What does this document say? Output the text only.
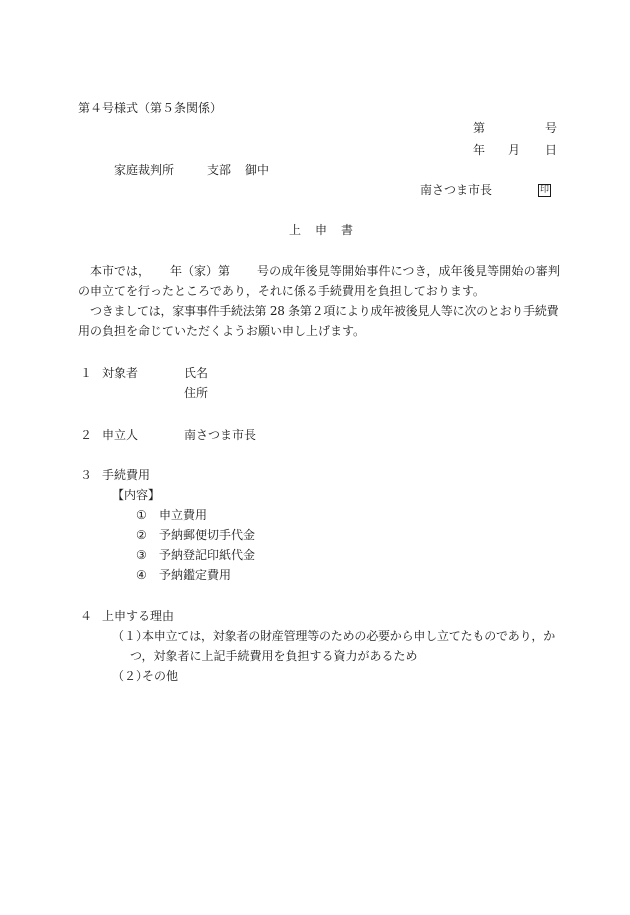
第４号様式（第５条関係）
第	号
年 月 日
家庭裁判所	支部 御中
南さつま市長	印
上　申　書
本市では， 年（家）第 号の成年後見等開始事件につき，成年後見等開始の審判
の申立てを行ったところであり，それに係る手続費用を負担しております。
つきましては，家事事件手続法第 28 条第２項により成年被後見人等に次のとおり手続費
用の負担を命じていただくようお願い申し上げます。
１ 対象者	氏名
住所
２ 申立人	南さつま市長
３ 手続費用
【内容】
① 申立費用
② 予納郵便切手代金
③ 予納登記印紙代金
④ 予納鑑定費用
４ 上申する理由
（１）
本申立ては，対象者の財産管理等のための必要から申し立てたものであり，か
つ，対象者に上記手続費用を負担する資力があるため
（２）
その他
